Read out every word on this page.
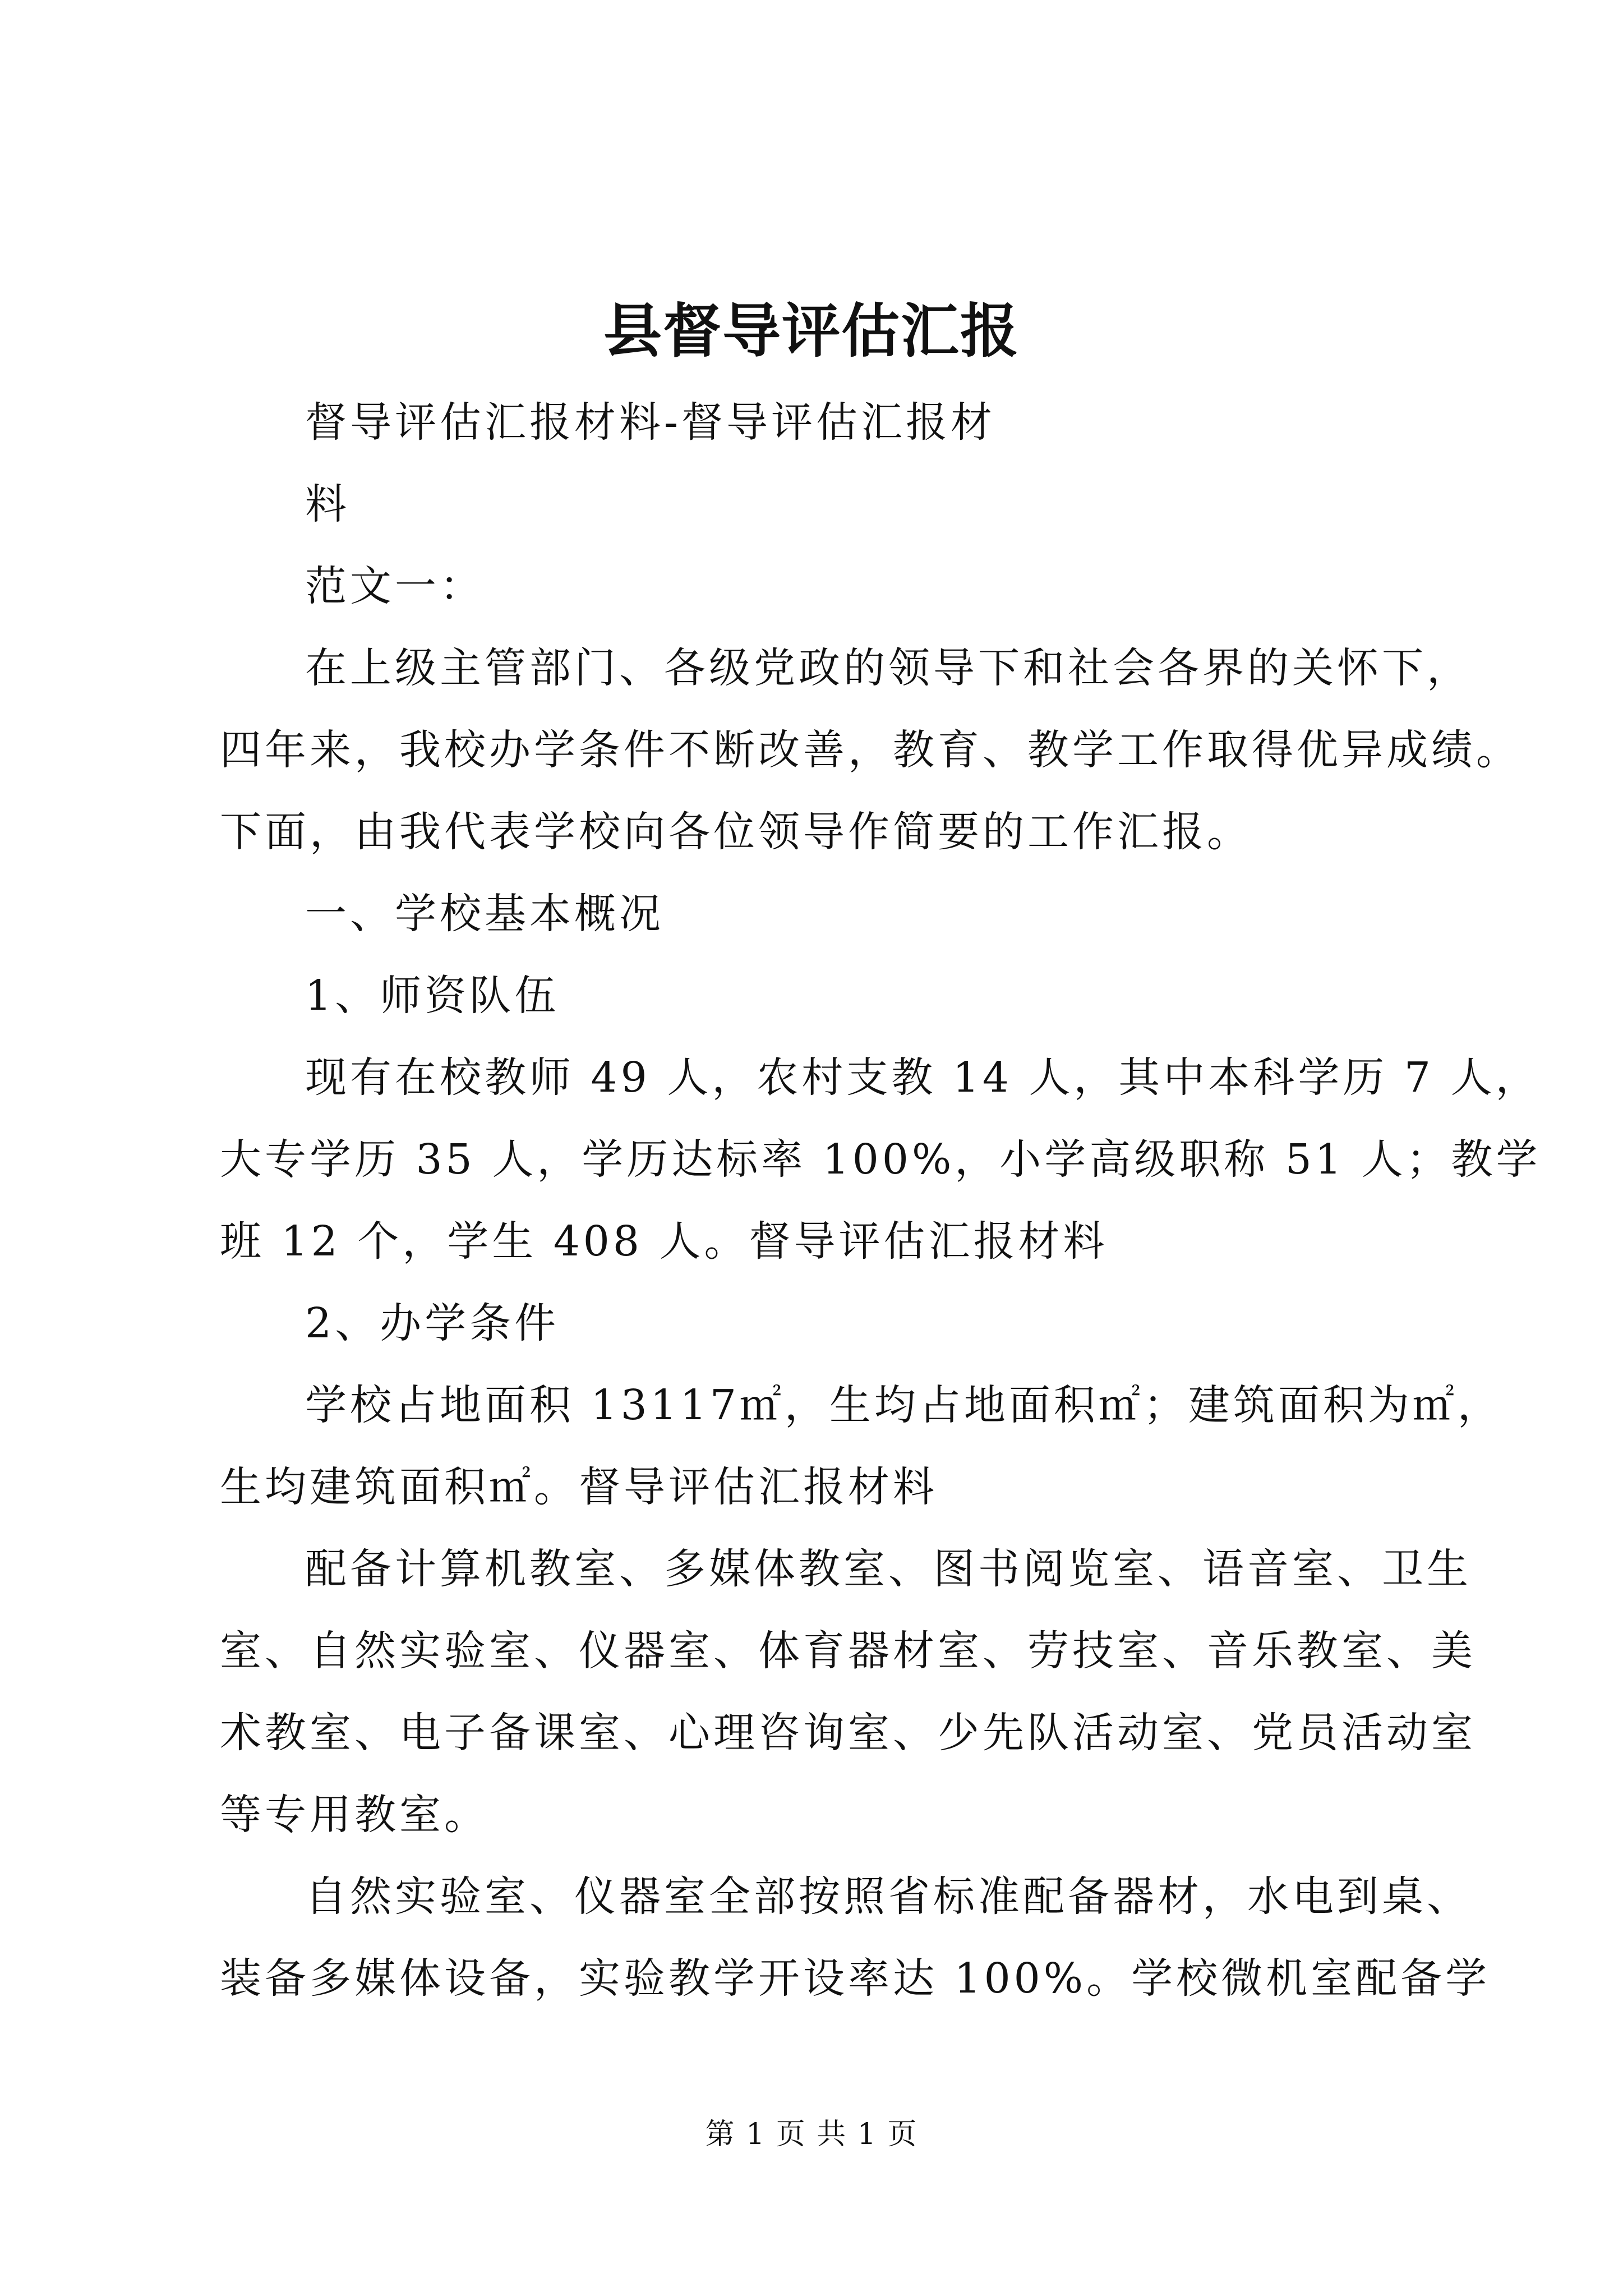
县督导评估汇报
督导评估汇报材料-督导评估汇报材
料
范文一：
在上级主管部门、各级党政的领导下和社会各界的关怀下，
四年来，我校办学条件不断改善，教育、教学工作取得优异成绩。
下面，由我代表学校向各位领导作简要的工作汇报。
一、学校基本概况
1、师资队伍
现有在校教师 49 人，农村支教 14 人，其中本科学历 7 人，
大专学历 35 人，学历达标率 100%，小学高级职称 51 人；教学
班 12 个，学生 408 人。督导评估汇报材料
2、办学条件
学校占地面积 13117㎡，生均占地面积㎡；建筑面积为㎡，
生均建筑面积㎡。督导评估汇报材料
配备计算机教室、多媒体教室、图书阅览室、语音室、卫生
室、自然实验室、仪器室、体育器材室、劳技室、音乐教室、美
术教室、电子备课室、心理咨询室、少先队活动室、党员活动室
等专用教室。
自然实验室、仪器室全部按照省标准配备器材，水电到桌、
装备多媒体设备，实验教学开设率达 100%。学校微机室配备学
第 1 页 共 1 页
